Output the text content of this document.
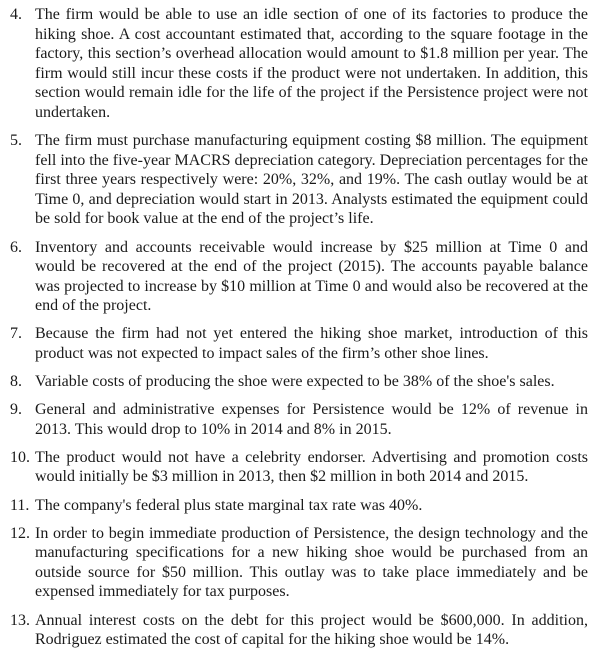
4. The firm would be able to use an idle section of one of its factories to produce the hiking shoe. A cost accountant estimated that, according to the square footage in the factory, this section’s overhead allocation would amount to $1.8 million per year. The firm would still incur these costs if the product were not undertaken. In addition, this section would remain idle for the life of the project if the Persistence project were not undertaken.
5. The firm must purchase manufacturing equipment costing $8 million. The equipment fell into the five-year MACRS depreciation category. Depreciation percentages for the first three years respectively were: 20%, 32%, and 19%. The cash outlay would be at Time 0, and depreciation would start in 2013. Analysts estimated the equipment could be sold for book value at the end of the project’s life.
6. Inventory and accounts receivable would increase by $25 million at Time 0 and would be recovered at the end of the project (2015). The accounts payable balance was projected to increase by $10 million at Time 0 and would also be recovered at the end of the project.
7. Because the firm had not yet entered the hiking shoe market, introduction of this product was not expected to impact sales of the firm’s other shoe lines.
8. Variable costs of producing the shoe were expected to be 38% of the shoe's sales.
9. General and administrative expenses for Persistence would be 12% of revenue in 2013. This would drop to 10% in 2014 and 8% in 2015.
10. The product would not have a celebrity endorser. Advertising and promotion costs would initially be $3 million in 2013, then $2 million in both 2014 and 2015.
11. The company's federal plus state marginal tax rate was 40%.
12. In order to begin immediate production of Persistence, the design technology and the manufacturing specifications for a new hiking shoe would be purchased from an outside source for $50 million. This outlay was to take place immediately and be expensed immediately for tax purposes.
13. Annual interest costs on the debt for this project would be $600,000. In addition, Rodriguez estimated the cost of capital for the hiking shoe would be 14%.
